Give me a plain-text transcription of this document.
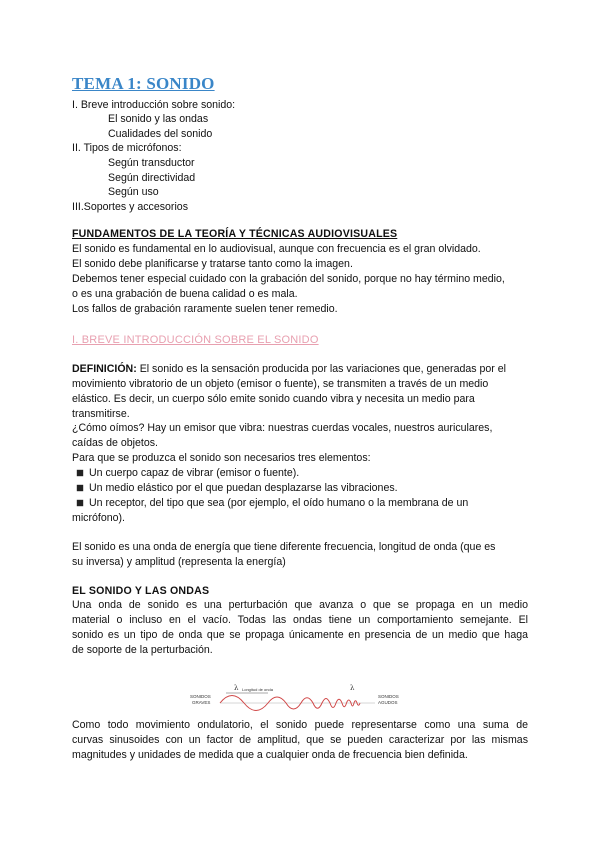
TEMA 1: SONIDO
I. Breve introducción sobre sonido:
El sonido y las ondas
Cualidades del sonido
II. Tipos de micrófonos:
Según transductor
Según directividad
Según uso
III.Soportes y accesorios
FUNDAMENTOS DE LA TEORÍA Y TÉCNICAS AUDIOVISUALES
El sonido es fundamental en lo audiovisual, aunque con frecuencia es el gran olvidado.
El sonido debe planificarse y tratarse tanto como la imagen.
Debemos tener especial cuidado con la grabación del sonido, porque no hay término medio,
o es una grabación de buena calidad o es mala.
Los fallos de grabación raramente suelen tener remedio.
I. BREVE INTRODUCCIÓN SOBRE EL SONIDO
DEFINICIÓN: El sonido es la sensación producida por las variaciones que, generadas por el
movimiento vibratorio de un objeto (emisor o fuente), se transmiten a través de un medio
elástico. Es decir, un cuerpo sólo emite sonido cuando vibra y necesita un medio para
transmitirse.
¿Cómo oímos? Hay un emisor que vibra: nuestras cuerdas vocales, nuestros auriculares,
caídas de objetos.
Para que se produzca el sonido son necesarios tres elementos:
Un cuerpo capaz de vibrar (emisor o fuente).
Un medio elástico por el que puedan desplazarse las vibraciones.
Un receptor, del tipo que sea (por ejemplo, el oído humano o la membrana de un
micrófono).
El sonido es una onda de energía que tiene diferente frecuencia, longitud de onda (que es
su inversa) y amplitud (representa la energía)
EL SONIDO Y LAS ONDAS
Una onda de sonido es una perturbación que avanza o que se propaga en un medio
material o incluso en el vacío. Todas las ondas tiene un comportamiento semejante. El
sonido es un tipo de onda que se propaga únicamente en presencia de un medio que haga
de soporte de la perturbación.
SONIDOS
GRAVES
Longitud de onda
λ	λ
SONIDOS
AGUDOS
Como todo movimiento ondulatorio, el sonido puede representarse como una suma de
curvas sinusoides con un factor de amplitud, que se pueden caracterizar por las mismas
magnitudes y unidades de medida que a cualquier onda de frecuencia bien definida.
